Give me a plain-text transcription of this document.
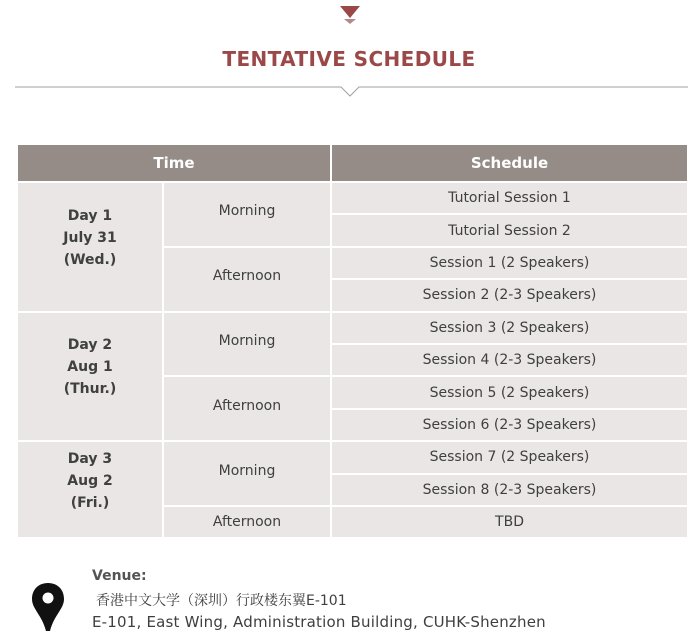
TENTATIVE SCHEDULE
Time		Schedule

Day 1
July 31
(Wed.)	Morning	Tutorial Session 1
		Tutorial Session 2
	Afternoon	Session 1 (2 Speakers)
		Session 2 (2-3 Speakers)

Day 2
Aug 1
(Thur.)	Morning	Session 3 (2 Speakers)
		Session 4 (2-3 Speakers)
	Afternoon	Session 5 (2 Speakers)
		Session 6 (2-3 Speakers)

Day 3
Aug 2
(Fri.)	Morning	Session 7 (2 Speakers)
		Session 8 (2-3 Speakers)
	Afternoon	TBD
Venue:
香港中文大学（深圳）行政楼东翼E-101
E-101, East Wing, Administration Building, CUHK-Shenzhen
